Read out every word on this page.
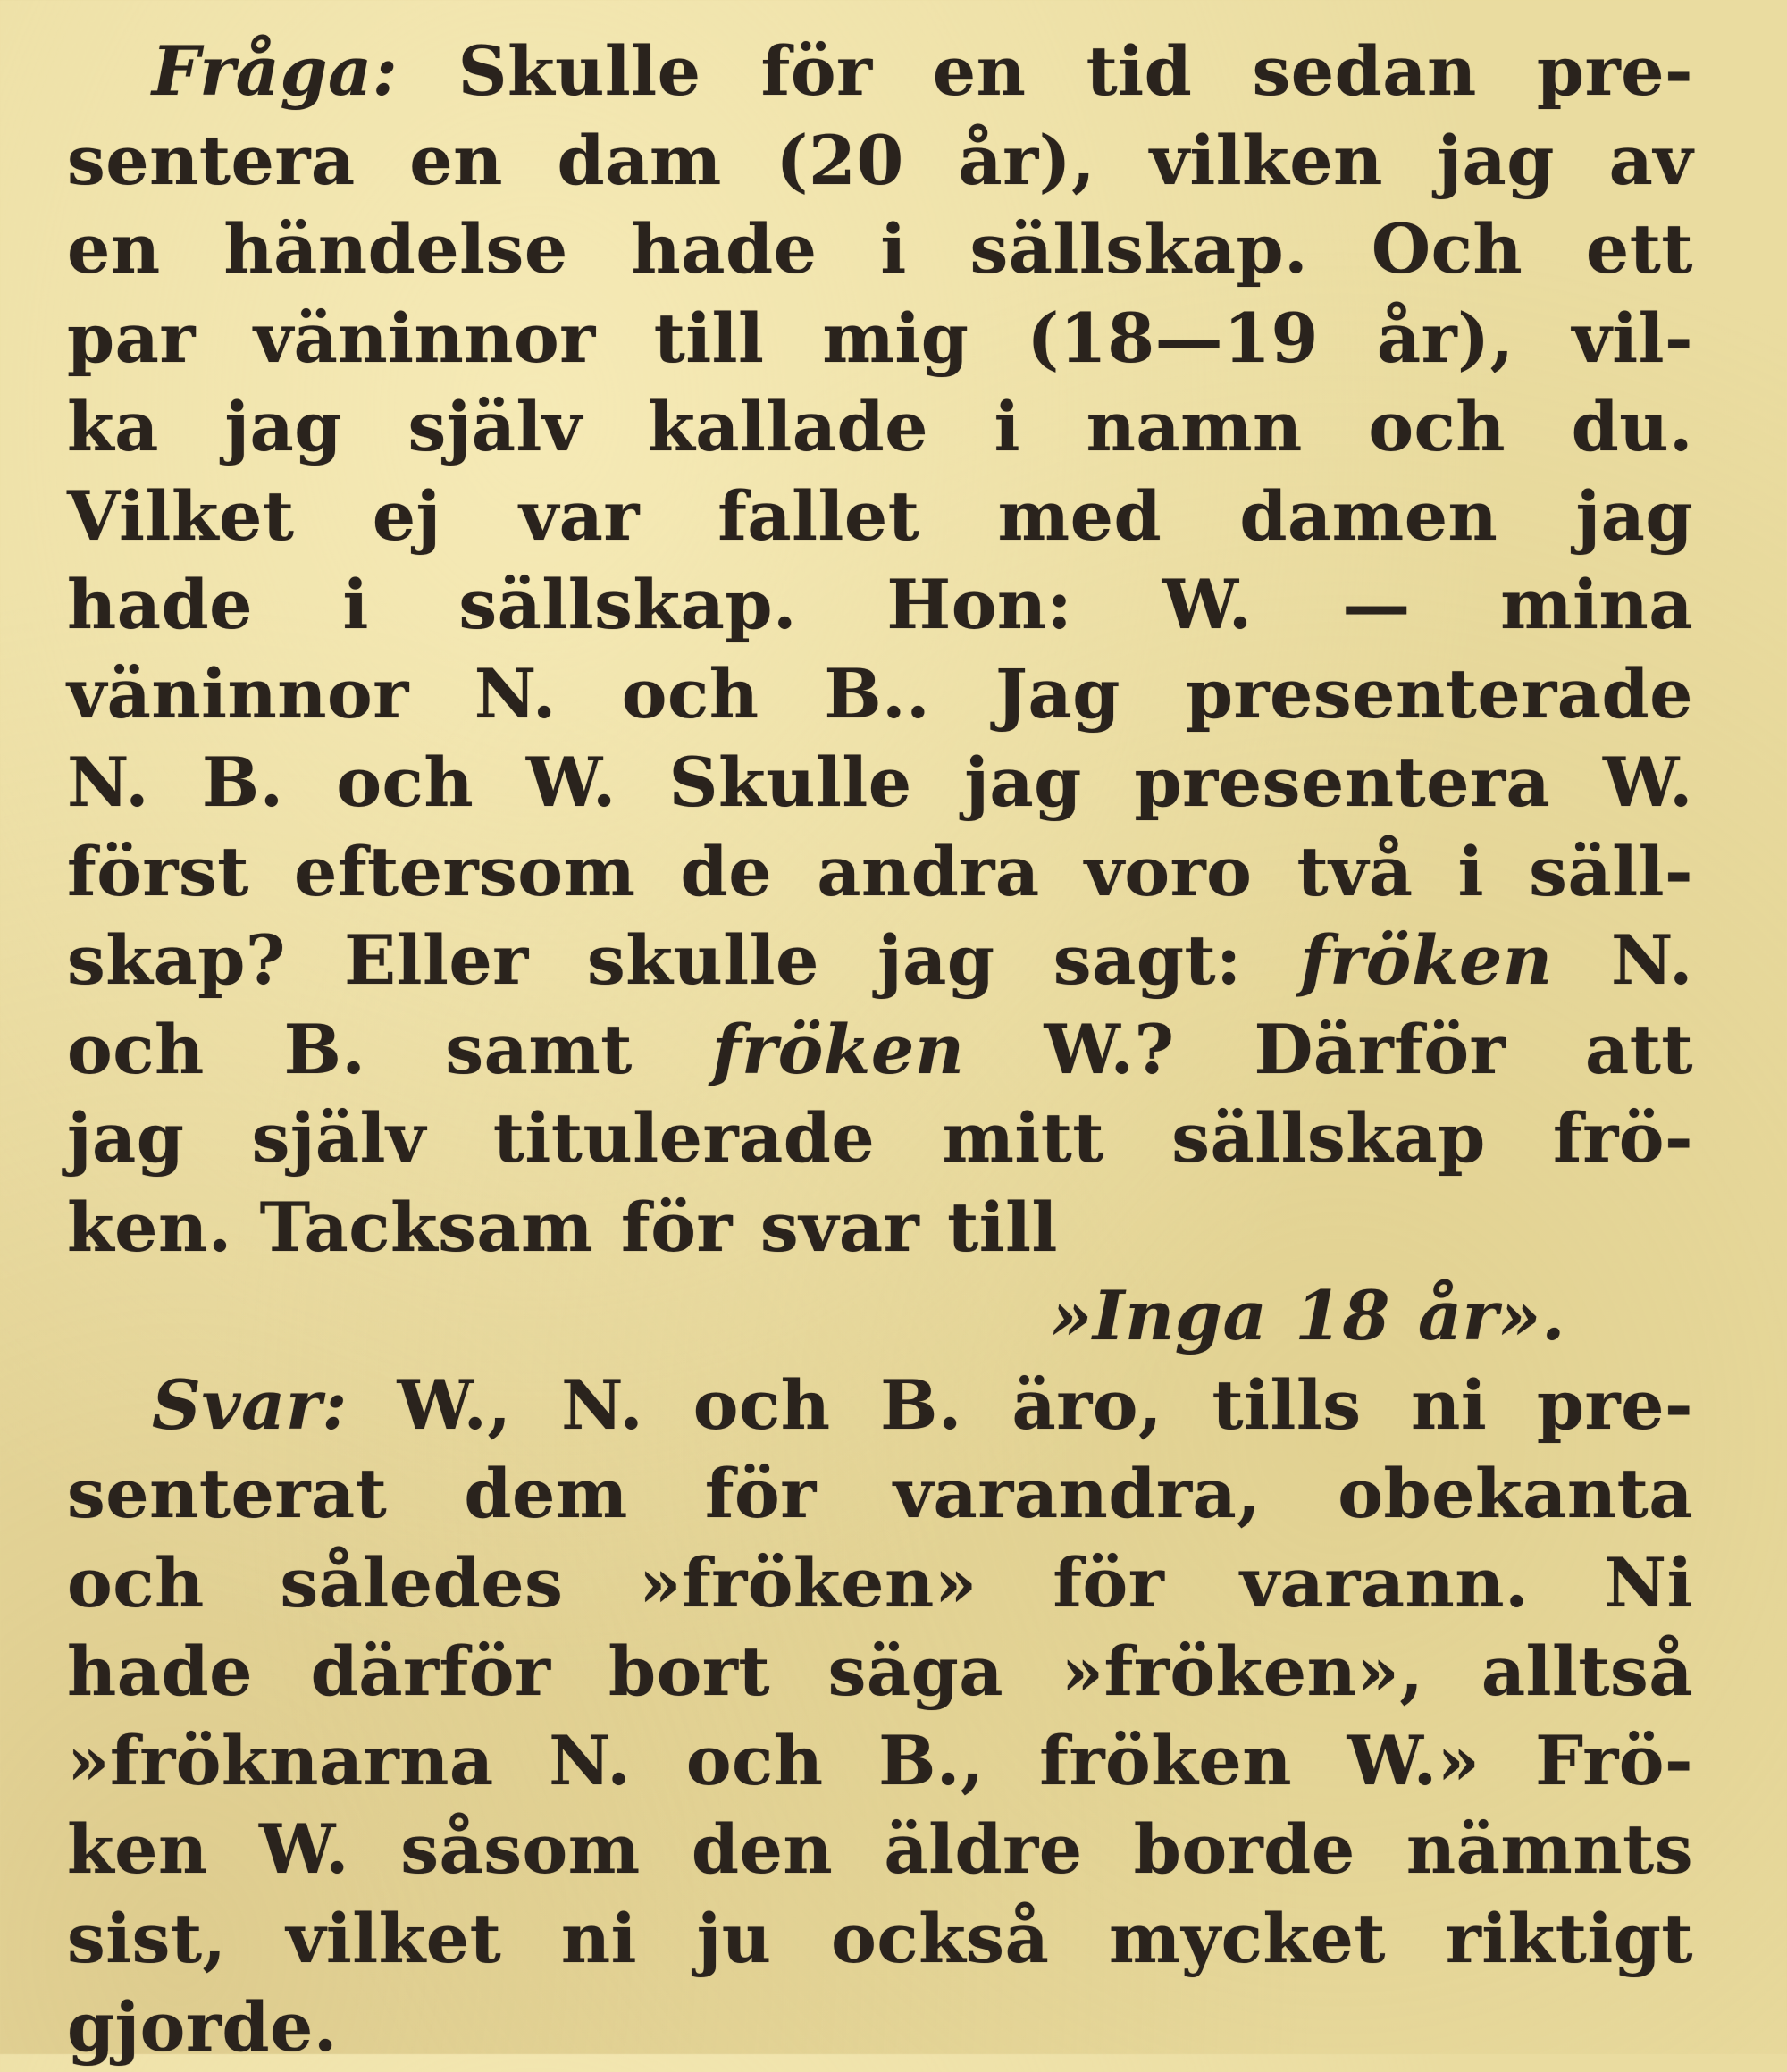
Fråga: Skulle för en tid sedan pre-
sentera en dam (20 år), vilken jag av
en händelse hade i sällskap. Och ett
par väninnor till mig (18—19 år), vil-
ka jag själv kallade i namn och du.
Vilket ej var fallet med damen jag
hade i sällskap. Hon: W. — mina
väninnor N. och B.. Jag presenterade
N. B. och W. Skulle jag presentera W.
först eftersom de andra voro två i säll-
skap? Eller skulle jag sagt: fröken N.
och B. samt fröken W.? Därför att
jag själv titulerade mitt sällskap frö-
ken. Tacksam för svar till
»Inga 18 år».

Svar: W., N. och B. äro, tills ni pre-
senterat dem för varandra, obekanta
och således »fröken» för varann. Ni
hade därför bort säga »fröken», alltså
»fröknarna N. och B., fröken W.» Frö-
ken W. såsom den äldre borde nämnts
sist, vilket ni ju också mycket riktigt
gjorde.
